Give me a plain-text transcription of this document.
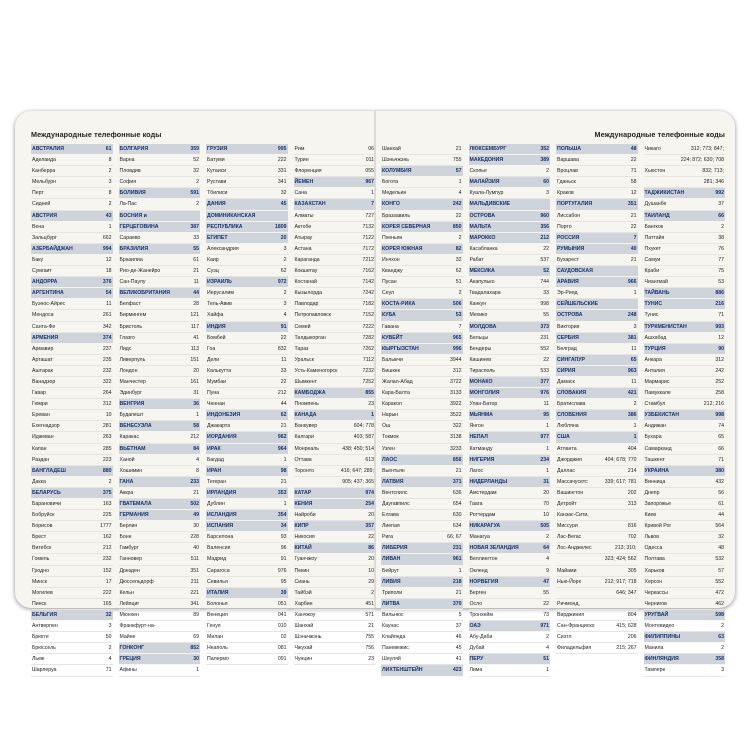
Международные телефонные коды
АВСТРАЛИЯ	61
Аделаида	8
Канберра	2
Мельбурн	3
Перт	8
Сидней	2
АВСТРИЯ	43
Вена	1
Зальцбург	662
АЗЕРБАЙДЖАН	994
Баку	12
Сумгаит	18
АНДОРРА	376
АРГЕНТИНА	54
Буэнос-Айрес	11
Мендоса	261
Санта-Фе	342
АРМЕНИЯ	374
Армавир	237
Арташат	235
Аштарак	232
Ванадзор	322
Гавар	264
Гюмри	312
Ереван	10
Ехегнадзор	281
Иджеван	263
Капан	285
Раздан	223
БАНГЛАДЕШ	880
Дакка	2
БЕЛАРУСЬ	375
Барановичи	163
Бобруйск	225
Борисов	1777
Брест	162
Витебск	212
Гомель	232
Гродно	152
Минск	17
Могилев	222
Пинск	165
БЕЛЬГИЯ	32
Антверпен	3
Брюгге	50
Брюссель	2
Льеж	4
Шарлеруа	71
БОЛГАРИЯ	359
Варна	52
Пловдив	32
София	2
БОЛИВИЯ	591
Ла-Пас	2
БОСНИЯ и
ГЕРЦЕГОВИНА	387
Сараево	33
БРАЗИЛИЯ	55
Бразилиа	61
Рио-де-Жанейро	21
Сан-Паулу	11
ВЕЛИКОБРИТАНИЯ	44
Белфаст	28
Бирмингем	121
Бристоль	117
Глазго	41
Лидс	113
Ливерпуль	151
Лондон	20
Манчестер	161
Эдинбург	31
ВЕНГРИЯ	36
Будапешт	1
ВЕНЕСУЭЛА	58
Каракас	212
ВЬЕТНАМ	84
Ханой	4
Хошимин	8
ГАНА	233
Аккра	21
ГВАТЕМАЛА	502
ГЕРМАНИЯ	49
Берлин	30
Бонн	228
Гамбург	40
Ганновер	511
Дрезден	351
Дюссельдорф	211
Кельн	221
Лейпциг	341
Мюнхен	89
Франкфурт-на-
Майне	69
ГОНКОНГ	852
ГРЕЦИЯ	30
Афины	1
ГРУЗИЯ	995
Батуми	222
Кутаиси	331
Рустави	341
Тбилиси	32
ДАНИЯ	45
ДОМИНИКАНСКАЯ
РЕСПУБЛИКА	1809
ЕГИПЕТ	20
Александрия	3
Каир	2
Суэц	62
ИЗРАИЛЬ	972
Иерусалим	2
Тель-Авив	3
Хайфа	4
ИНДИЯ	91
Бомбей	22
Гоа	832
Дели	11
Калькутта	33
Мумбаи	22
Пуна	212
Ченнаи	44
ИНДОНЕЗИЯ	62
Джакарта	21
ИОРДАНИЯ	962
ИРАК	964
Багдад	1
ИРАН	98
Тегеран	21
ИРЛАНДИЯ	353
Дублин	1
ИСЛАНДИЯ	354
ИСПАНИЯ	34
Барселона	93
Валенсия	96
Мадрид	91
Сарагоса	976
Севилья	95
ИТАЛИЯ	39
Болонья	051
Венеция	041
Генуя	010
Милан	02
Неаполь	081
Палермо	091
Рим	06
Турин	011
Флоренция	055
ЙЕМЕН	967
Сана	1
КАЗАХСТАН	7
Алматы	727
Актобе	7132
Атырау	7122
Астана	7172
Караганда	7212
Кокшетау	7162
Костанай	7142
Кызылорда	7242
Павлодар	7182
Петропавловск	7152
Семей	7222
Талдыкорган	7282
Тараз	7262
Уральск	7112
Усть-Каменогорск	7232
Шымкент	7252
КАМБОДЖА	855
Пномпень	23
КАНАДА	1
Ванкувер	604; 778
Калгари	403; 587
Монреаль	438; 450; 514
Оттава	613
Торонто	416; 647; 289;
905; 437; 365
КАТАР	974
КЕНИЯ	254
Найроби	20
КИПР	357
Никосия	22
КИТАЙ	86
Гуанчжоу	20
Пекин	10
Сиань	29
Тайбэй	2
Харбин	451
Ханчжоу	571
Шанхай	21
Шэньчжэнь	755
Чжухай	756
Чунцин	23
Международные телефонные коды
Шанхай	21
Шэньчжэнь	755
КОЛУМБИЯ	57
Богота	1
Медельин	4
КОНГО	242
Браззавиль	22
КОРЕЯ СЕВЕРНАЯ	850
Пхеньян	2
КОРЕЯ ЮЖНАЯ	82
Инчхон	32
Кванджу	62
Пусан	51
Сеул	2
КОСТА-РИКА	506
КУБА	53
Гавана	7
КУВЕЙТ	965
КЫРГЫЗСТАН	996
Балыкчи	3944
Бишкек	312
Жалал-Абад	3722
Кара-Балта	3133
Каракол	3922
Нарын	3522
Ош	322
Токмок	3138
Узген	3233
ЛАОС	856
Вьентьян	21
ЛАТВИЯ	371
Вентспилс	636
Даугавпилс	654
Елгава	630
Лиепая	634
Рига	66; 67
ЛИБЕРИЯ	231
ЛИВАН	961
Бейрут	1
ЛИВИЯ	218
Триполи	21
ЛИТВА	370
Вильнюс	5
Каунас	37
Клайпеда	46
Паневежис	45
Шяуляй	41
ЛИХТЕНШТЕЙН	423
ЛЮКСЕМБУРГ	352
МАКЕДОНИЯ	389
Скопье	2
МАЛАЙЗИЯ	60
Куала-Лумпур	3
МАЛЬДИВСКИЕ
ОСТРОВА	960
МАЛЬТА	356
МАРОККО	212
Касабланка	22
Рабат	537
МЕКСИКА	52
Акапулько	744
Гвадалахара	33
Канкун	998
Мехико	55
МОЛДОВА	373
Бельцы	231
Бендеры	552
Кишинев	22
Тирасполь	533
МОНАКО	377
МОНГОЛИЯ	976
Улан-Батор	11
МЬЯНМА	95
Янгон	1
НЕПАЛ	977
Катманду	1
НИГЕРИЯ	234
Лагос	1
НИДЕРЛАНДЫ	31
Амстердам	20
Гаага	70
Роттердам	10
НИКАРАГУА	505
Манагуа	2
НОВАЯ ЗЕЛАНДИЯ	64
Веллингтон	4
Окленд	9
НОРВЕГИЯ	47
Берген	55
Осло	22
Тронхейм	73
ОАЭ	971
Абу-Даби	2
Дубай	4
ПЕРУ	51
Лима	1
ПОЛЬША	48
Варшава	22
Вроцлав	71
Гданьск	58
Краков	12
ПОРТУГАЛИЯ	351
Лиссабон	21
Порто	22
РОССИЯ	7
РУМЫНИЯ	40
Бухарест	21
САУДОВСКАЯ
АРАВИЯ	966
Эр-Рияд	1
СЕЙШЕЛЬСКИЕ
ОСТРОВА	248
Виктория	3
СЕРБИЯ	381
Белград	11
СИНГАПУР	65
СИРИЯ	963
Дамаск	11
СЛОВАКИЯ	421
Братислава	2
СЛОВЕНИЯ	386
Любляна	1
США	1
Атланта	404
Джорджия	404; 678; 770
Даллас	214
Массачусетс	339; 617; 781
Вашингтон	202
Детройт	313
Канзас-Сити,
Миссури	816
Лас-Вегас	702
Лос-Анджелес	213; 310;
323; 424; 562
Майами	305
Нью-Йорк	212; 917; 718
646; 347
Ричмонд,
Вирджиния	804
Сан-Франциско	415; 628
Сиэтл	206
Филадельфия	215; 267
Чикаго	312; 773; 847;
224; 872; 630; 708
Хьюстон	832; 713;
281; 346
ТАДЖИКИСТАН	992
Душанбе	37
ТАИЛАНД	66
Бангкок	2
Паттайя	38
Пхукет	76
Самуи	77
Краби	75
Чиангмай	53
ТАЙВАНЬ	886
ТУНИС	216
Тунис	71
ТУРКМЕНИСТАН	993
Ашхабад	12
ТУРЦИЯ	90
Анкара	312
Анталия	242
Мармарис	252
Памуккале	258
Стамбул	212; 216
УЗБЕКИСТАН	998
Андижан	74
Бухара	65
Самарканд	66
Ташкент	71
УКРАИНА	380
Винница	432
Днепр	56
Запорожье	61
Киев	44
Кривой Рог	564
Львов	32
Одесса	48
Полтава	532
Харьков	57
Херсон	552
Черкассы	472
Чернигов	462
УРУГВАЙ	598
Монтевидео	2
ФИЛИППИНЫ	63
Манила	2
ФИНЛЯНДИЯ	358
Тампере	3
